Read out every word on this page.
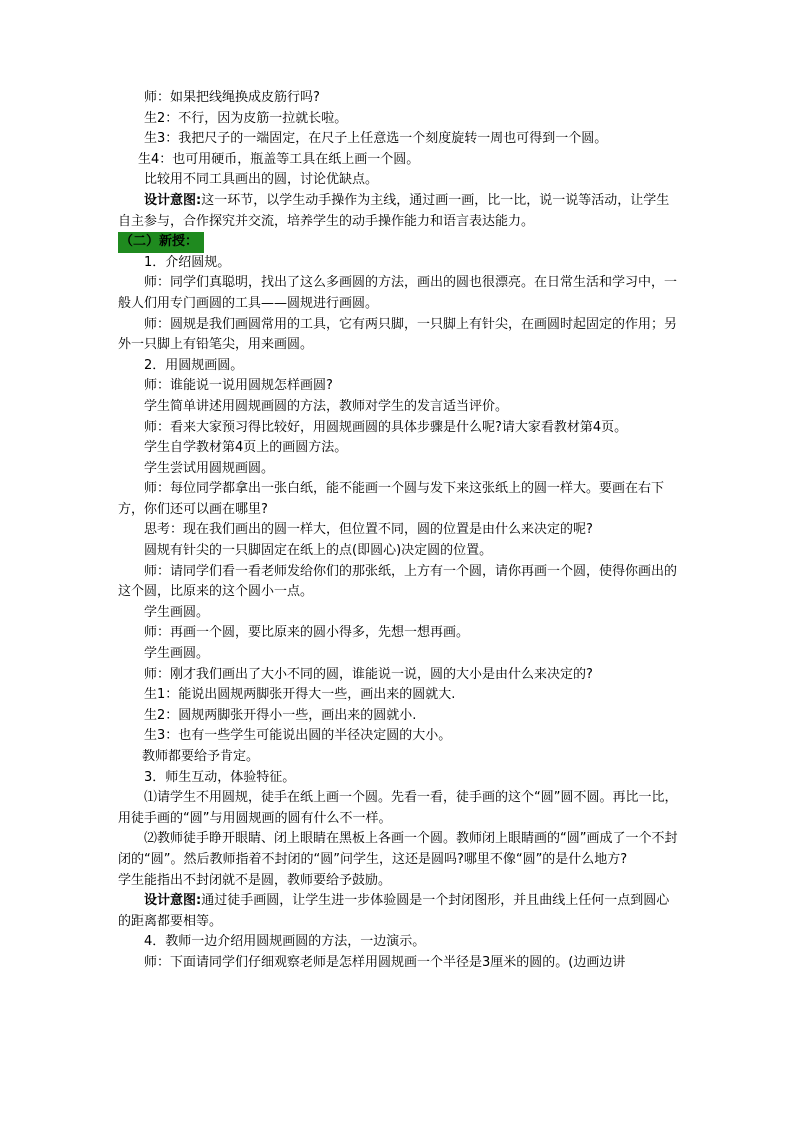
师：如果把线绳换成皮筋行吗?

生2：不行，因为皮筋一拉就长啦。

生3：我把尺子的一端固定，在尺子上任意选一个刻度旋转一周也可得到一个圆。

生4：也可用硬币，瓶盖等工具在纸上画一个圆。

比较用不同工具画出的圆，讨论优缺点。

设计意图:这一环节，以学生动手操作为主线，通过画一画，比一比，说一说等活动，让学生自主参与，合作探究并交流，培养学生的动手操作能力和语言表达能力。

（二）新授：

1．介绍圆规。

师：同学们真聪明，找出了这么多画圆的方法，画出的圆也很漂亮。在日常生活和学习中，一般人们用专门画圆的工具——圆规进行画圆。

师：圆规是我们画圆常用的工具，它有两只脚，一只脚上有针尖，在画圆时起固定的作用；另外一只脚上有铅笔尖，用来画圆。

2．用圆规画圆。

师：谁能说一说用圆规怎样画圆?

学生简单讲述用圆规画圆的方法，教师对学生的发言适当评价。

师：看来大家预习得比较好，用圆规画圆的具体步骤是什么呢?请大家看教材第4页。

学生自学教材第4页上的画圆方法。

学生尝试用圆规画圆。

师：每位同学都拿出一张白纸，能不能画一个圆与发下来这张纸上的圆一样大。要画在右下方，你们还可以画在哪里?

思考：现在我们画出的圆一样大，但位置不同，圆的位置是由什么来决定的呢?

圆规有针尖的一只脚固定在纸上的点(即圆心)决定圆的位置。

师：请同学们看一看老师发给你们的那张纸，上方有一个圆，请你再画一个圆，使得你画出的这个圆，比原来的这个圆小一点。

学生画圆。

师：再画一个圆，要比原来的圆小得多，先想一想再画。

学生画圆。

师：刚才我们画出了大小不同的圆，谁能说一说，圆的大小是由什么来决定的?

生1：能说出圆规两脚张开得大一些，画出来的圆就大.

生2：圆规两脚张开得小一些，画出来的圆就小.

生3：也有一些学生可能说出圆的半径决定圆的大小。

教师都要给予肯定。

3．师生互动，体验特征。

⑴请学生不用圆规，徒手在纸上画一个圆。先看一看，徒手画的这个“圆”圆不圆。再比一比，用徒手画的“圆”与用圆规画的圆有什么不一样。

⑵教师徒手睁开眼睛、闭上眼睛在黑板上各画一个圆。教师闭上眼睛画的“圆”画成了一个不封闭的“圆”。然后教师指着不封闭的“圆”问学生，这还是圆吗?哪里不像“圆”的是什么地方?

学生能指出不封闭就不是圆，教师要给予鼓励。

设计意图:通过徒手画圆，让学生进一步体验圆是一个封闭图形，并且曲线上任何一点到圆心的距离都要相等。

4．教师一边介绍用圆规画圆的方法，一边演示。

师：下面请同学们仔细观察老师是怎样用圆规画一个半径是3厘米的圆的。(边画边讲
